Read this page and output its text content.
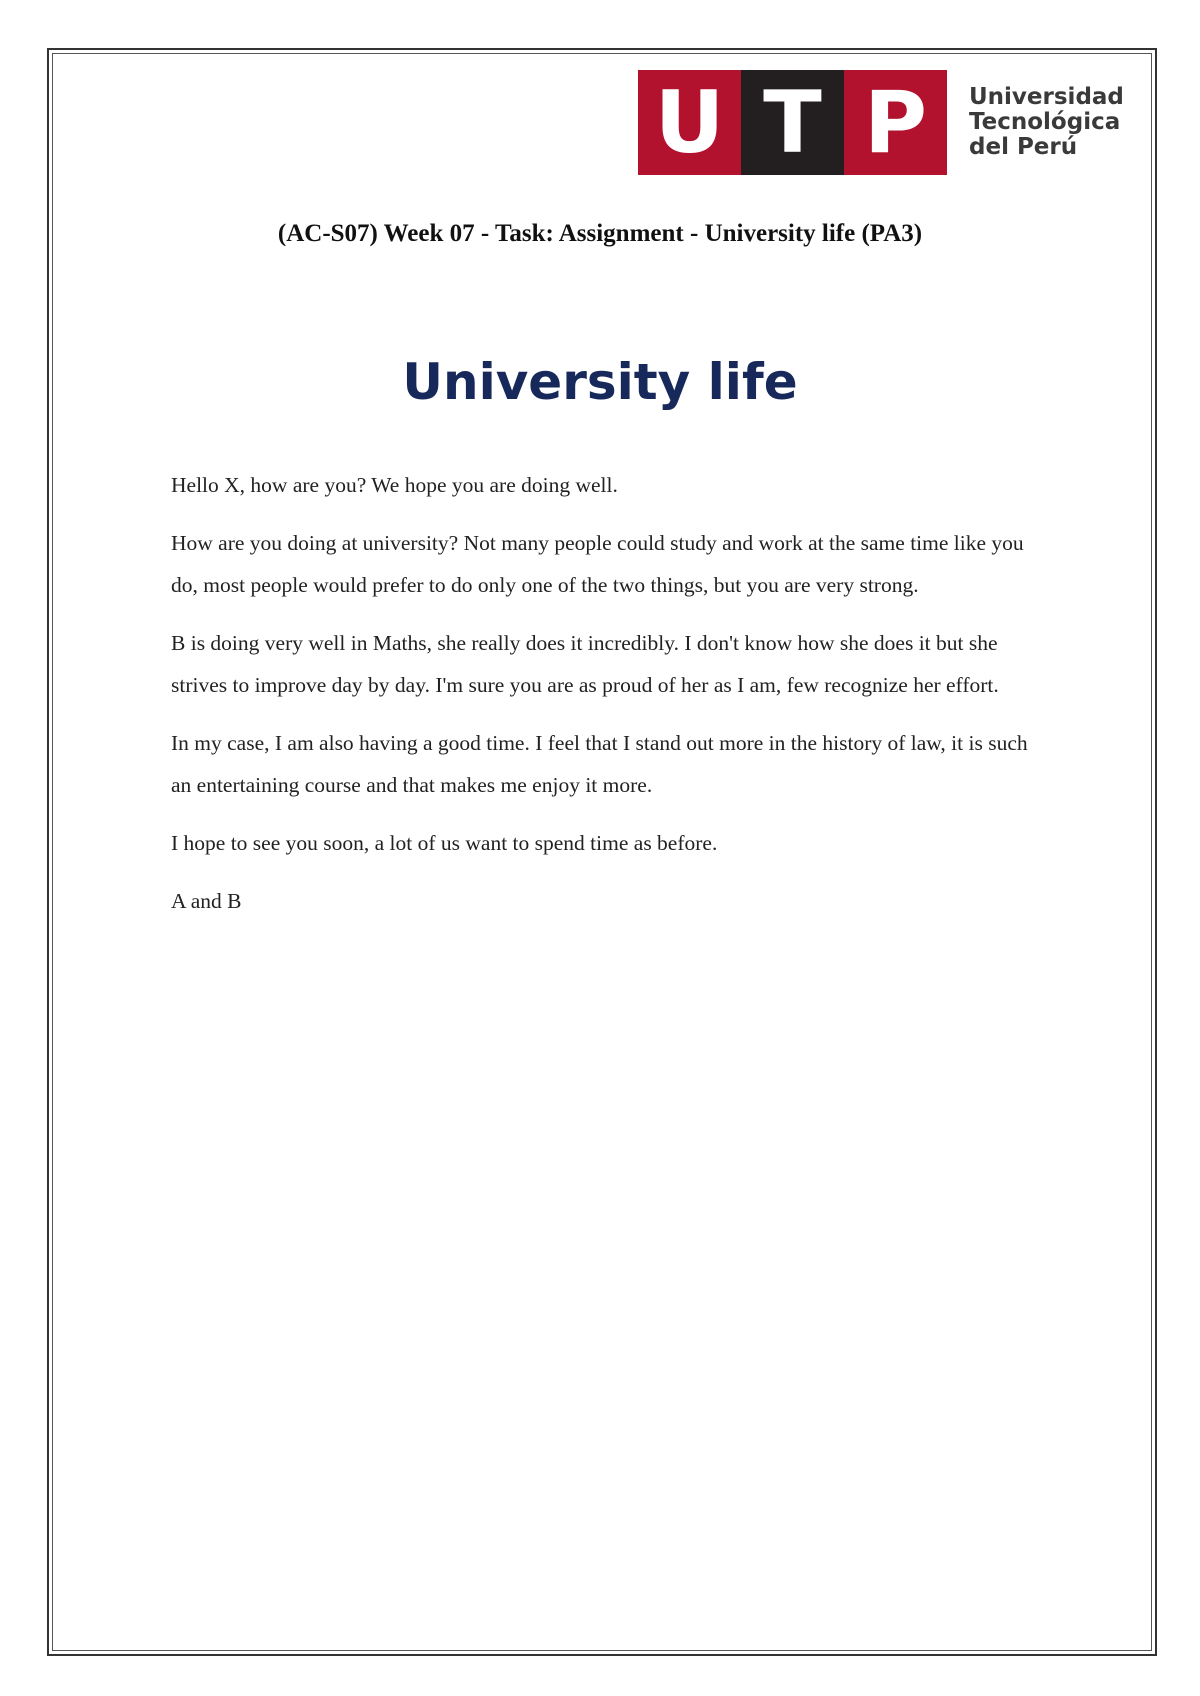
U T P	Universidad
Tecnológica
del Perú
(AC-S07) Week 07 - Task: Assignment - University life (PA3)
University life

Hello X, how are you? We hope you are doing well.

How are you doing at university? Not many people could study and work at the same time like you do, most people would prefer to do only one of the two things, but you are very strong.

B is doing very well in Maths, she really does it incredibly. I don't know how she does it but she strives to improve day by day. I'm sure you are as proud of her as I am, few recognize her effort.

In my case, I am also having a good time. I feel that I stand out more in the history of law, it is such an entertaining course and that makes me enjoy it more.

I hope to see you soon, a lot of us want to spend time as before.

A and B
